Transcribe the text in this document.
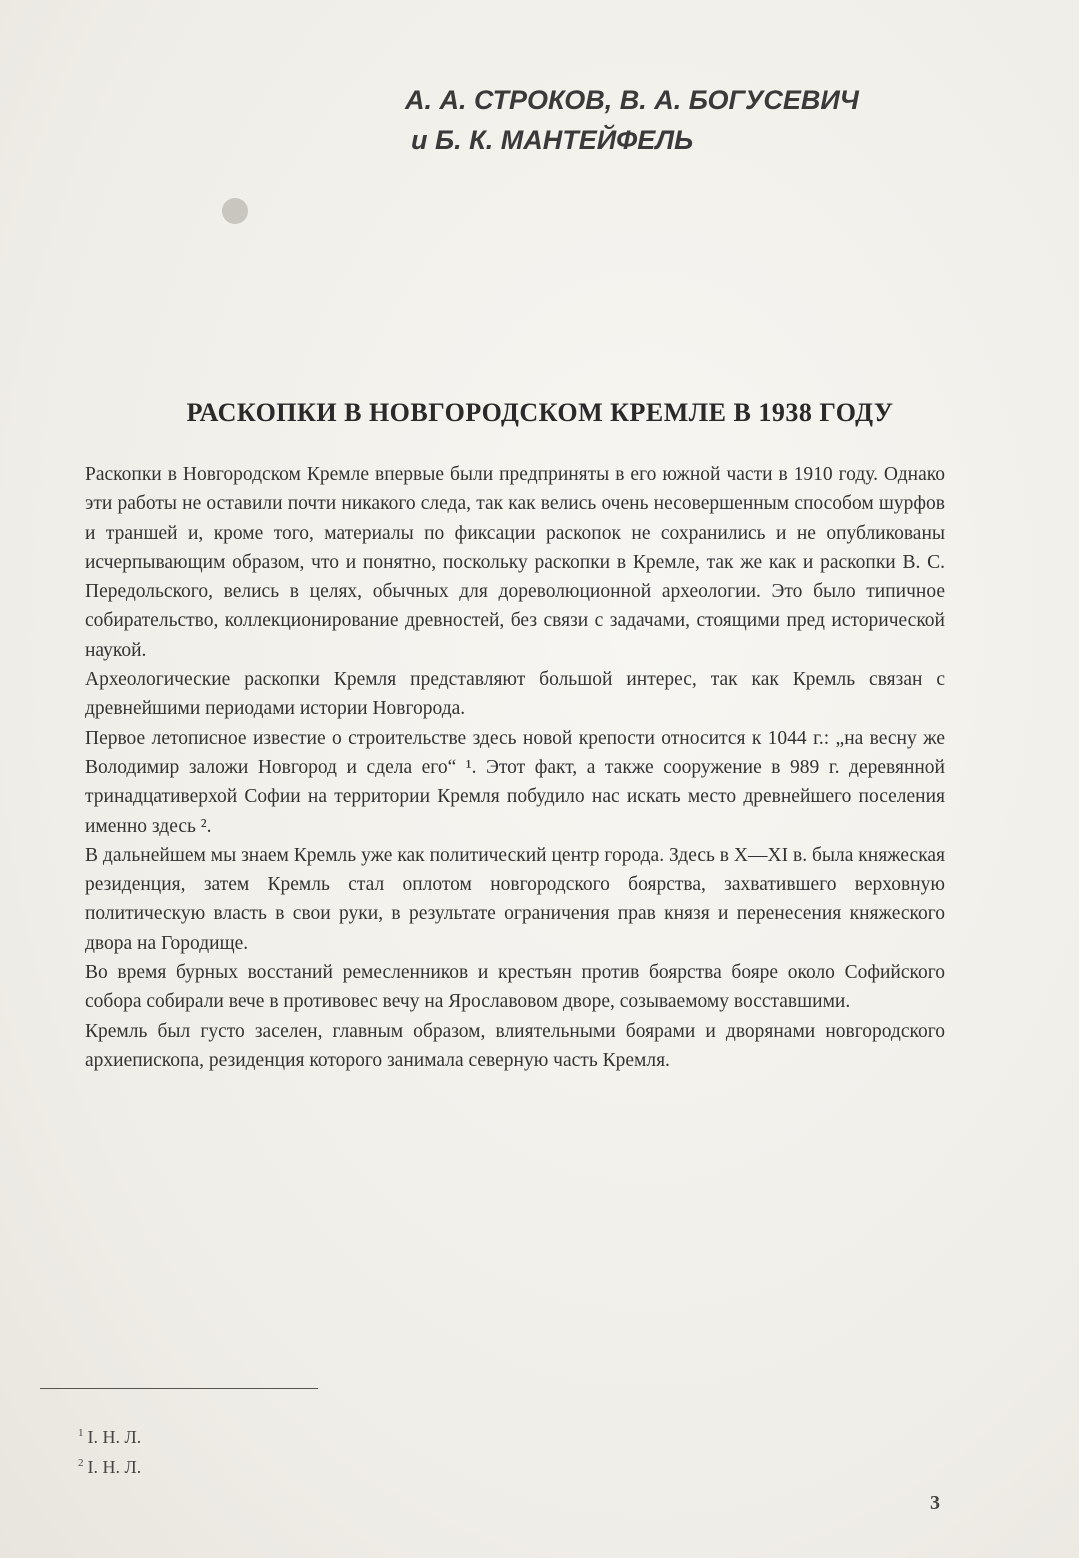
А. А. СТРОКОВ, В. А. БОГУСЕВИЧ
и Б. К. МАНТЕЙФЕЛЬ
РАСКОПКИ В НОВГОРОДСКОМ КРЕМЛЕ В 1938 ГОДУ

Раскопки в Новгородском Кремле впервые были предприняты в его южной части в 1910 году. Однако эти работы не оставили почти никакого следа, так как велись очень несовершенным способом шурфов и траншей и, кроме того, материалы по фиксации раскопок не сохранились и не опубликованы исчерпывающим образом, что и понятно, поскольку раскопки в Кремле, так же как и раскопки В. С. Передольского, велись в целях, обычных для дореволюционной археологии. Это было типичное собирательство, коллекционирование древностей, без связи с задачами, стоящими пред исторической наукой.

Археологические раскопки Кремля представляют большой интерес, так как Кремль связан с древнейшими периодами истории Новгорода.

Первое летописное известие о строительстве здесь новой крепости относится к 1044 г.: „на весну же Володимир заложи Новгород и сдела его“ ¹. Этот факт, а также сооружение в 989 г. деревянной тринадцативерхой Софии на территории Кремля побудило нас искать место древнейшего поселения именно здесь ².

В дальнейшем мы знаем Кремль уже как политический центр города. Здесь в X—XI в. была княжеская резиденция, затем Кремль стал оплотом новгородского боярства, захватившего верховную политическую власть в свои руки, в результате ограничения прав князя и перенесения княжеского двора на Городище.

Во время бурных восстаний ремесленников и крестьян против боярства бояре около Софийского собора собирали вече в противовес вечу на Ярославовом дворе, созываемому восставшими.

Кремль был густо заселен, главным образом, влиятельными боярами и дворянами новгородского архиепископа, резиденция которого занимала северную часть Кремля.

$^1$ I. Н. Л.
$^2$ I. Н. Л.
3
